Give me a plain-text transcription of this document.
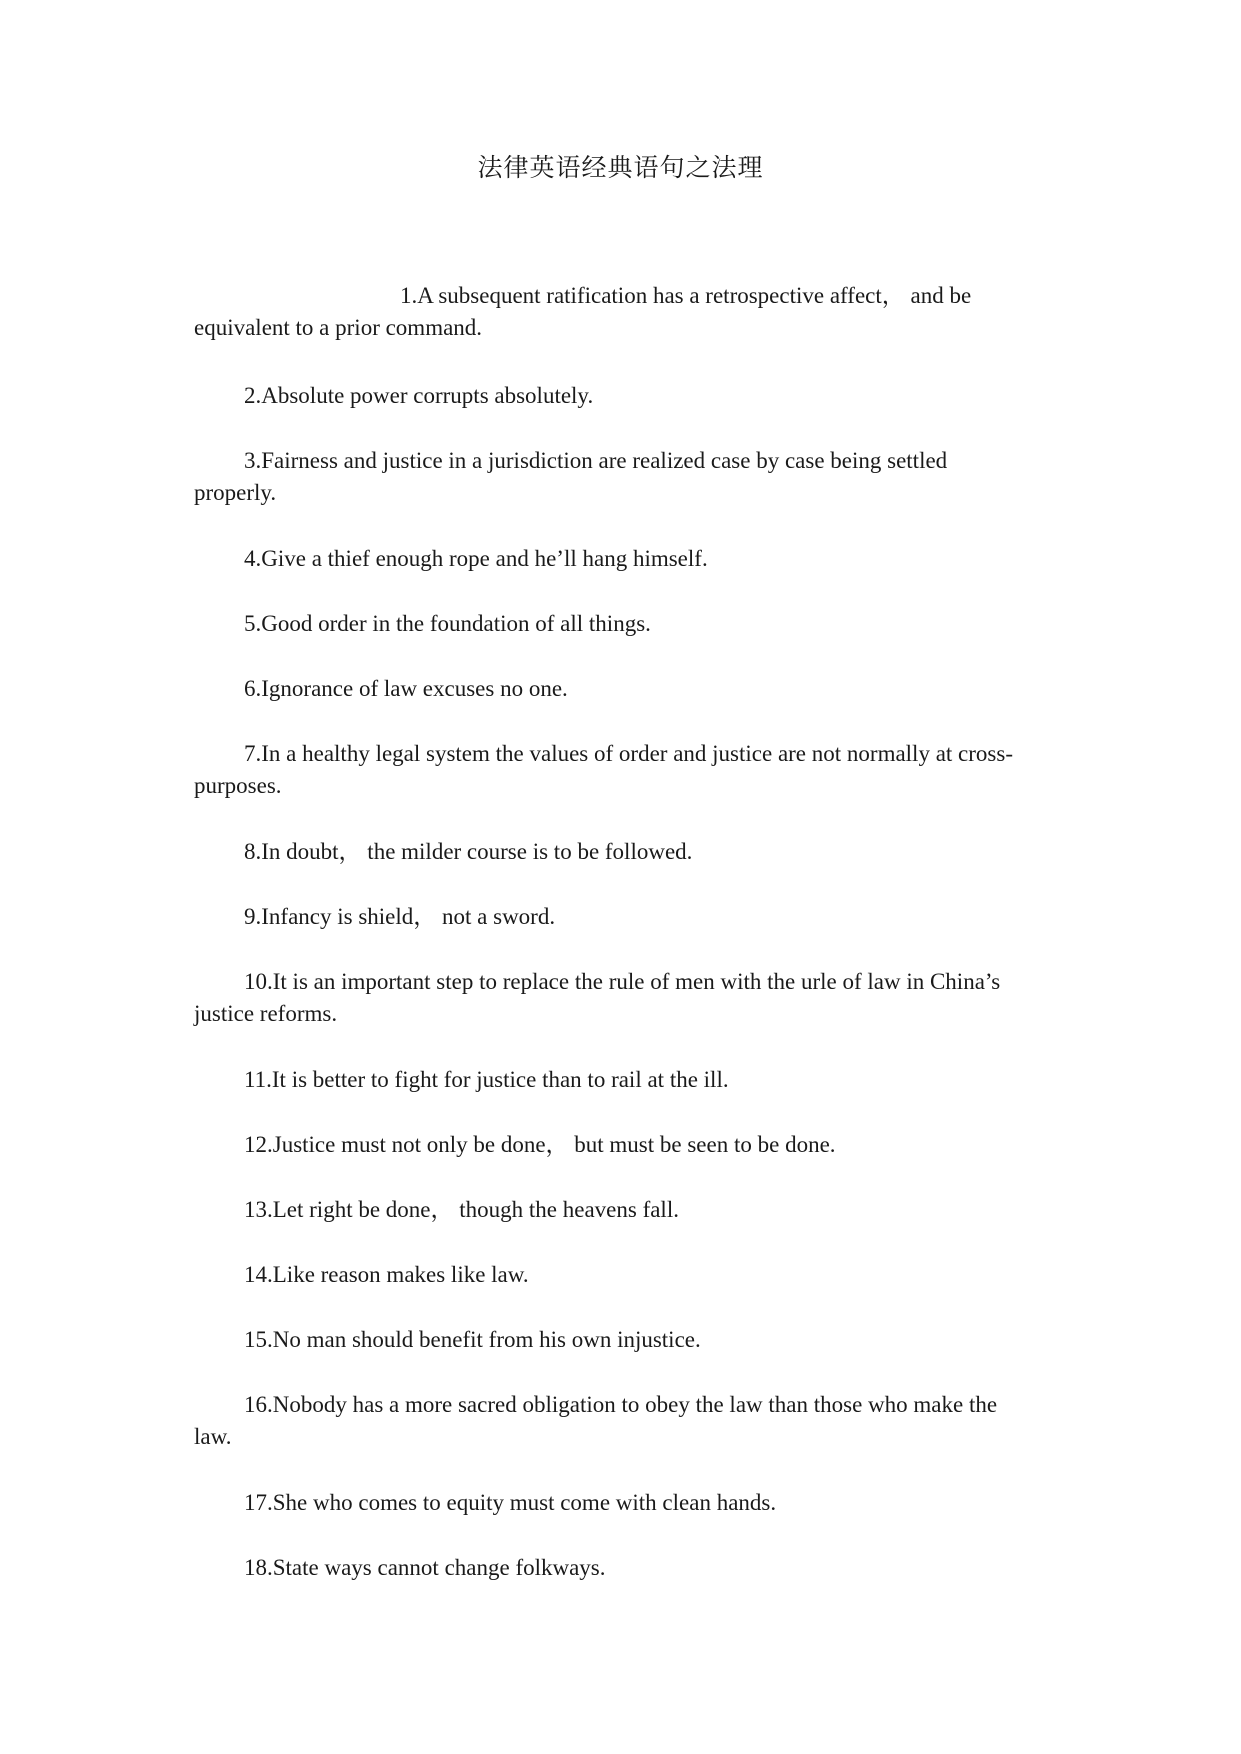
法律英语经典语句之法理

1.A subsequent ratification has a retrospective affect， and be equivalent to a prior command.

2.Absolute power corrupts absolutely.

3.Fairness and justice in a jurisdiction are realized case by case being settled properly.

4.Give a thief enough rope and he’ll hang himself.

5.Good order in the foundation of all things.

6.Ignorance of law excuses no one.

7.In a healthy legal system the values of order and justice are not normally at cross-purposes.

8.In doubt， the milder course is to be followed.

9.Infancy is shield， not a sword.

10.It is an important step to replace the rule of men with the urle of law in China’s justice reforms.

11.It is better to fight for justice than to rail at the ill.

12.Justice must not only be done， but must be seen to be done.

13.Let right be done， though the heavens fall.

14.Like reason makes like law.

15.No man should benefit from his own injustice.

16.Nobody has a more sacred obligation to obey the law than those who make the law.

17.She who comes to equity must come with clean hands.

18.State ways cannot change folkways.
